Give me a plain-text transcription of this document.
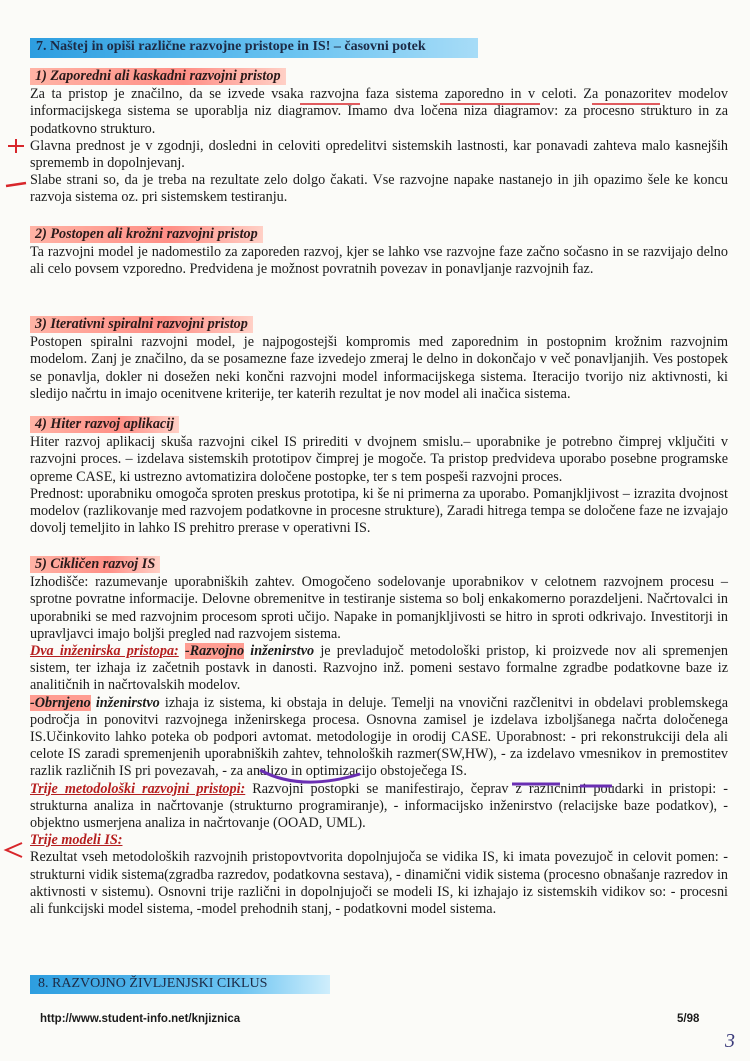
7. Naštej in opiši različne razvojne pristope in IS! – časovni potek
1) Zaporedni ali kaskadni razvojni pristop

Za ta pristop je značilno, da se izvede vsaka razvojna faza sistema zaporedno in v celoti. Za ponazoritev modelov informacijskega sistema se uporablja niz diagramov. Imamo dva ločena niza diagramov: za procesno strukturo in za podatkovno strukturo.

Glavna prednost je v zgodnji, dosledni in celoviti opredelitvi sistemskih lastnosti, kar ponavadi zahteva malo kasnejših sprememb in dopolnjevanj.

Slabe strani so, da je treba na rezultate zelo dolgo čakati. Vse razvojne napake nastanejo in jih opazimo šele ke koncu razvoja sistema oz. pri sistemskem testiranju.

2) Postopen ali krožni razvojni pristop

Ta razvojni model je nadomestilo za zaporeden razvoj, kjer se lahko vse razvojne faze začno sočasno in se razvijajo delno ali celo povsem vzporedno. Predvidena je možnost povratnih povezav in ponavljanje razvojnih faz.

3) Iterativni spiralni razvojni pristop

Postopen spiralni razvojni model, je najpogostejši kompromis med zaporednim in postopnim krožnim razvojnim modelom. Zanj je značilno, da se posamezne faze izvedejo zmeraj le delno in dokončajo v več ponavljanjih. Ves postopek se ponavlja, dokler ni dosežen neki končni razvojni model informacijskega sistema. Iteracijo tvorijo niz aktivnosti, ki sledijo načrtu in imajo ocenitvene kriterije, ter katerih rezultat je nov model ali inačica sistema.

4) Hiter razvoj aplikacij

Hiter razvoj aplikacij skuša razvojni cikel IS prirediti v dvojnem smislu.– uporabnike je potrebno čimprej vključiti v razvojni proces. – izdelava sistemskih prototipov čimprej je mogoče. Ta pristop predvideva uporabo posebne programske opreme CASE, ki ustrezno avtomatizira določene postopke, ter s tem pospeši razvojni proces.

Prednost: uporabniku omogoča sproten preskus prototipa, ki še ni primerna za uporabo. Pomanjkljivost – izrazita dvojnost modelov (razlikovanje med razvojem podatkovne in procesne strukture), Zaradi hitrega tempa se določene faze ne izvajajo dovolj temeljito in lahko IS prehitro prerase v operativni IS.

5) Cikličen razvoj IS

Izhodišče: razumevanje uporabniških zahtev. Omogočeno sodelovanje uporabnikov v celotnem razvojnem procesu – sprotne povratne informacije. Delovne obremenitve in testiranje sistema so bolj enkakomerno porazdeljeni. Načrtovalci in uporabniki se med razvojnim procesom sproti učijo. Napake in pomanjkljivosti se hitro in sproti odkrivajo. Investitorji in upravljavci imajo boljši pregled nad razvojem sistema.

Dva inženirska pristopa: -Razvojno inženirstvo je prevladujoč metodološki pristop, ki proizvede nov ali spremenjen sistem, ter izhaja iz začetnih postavk in danosti. Razvojno inž. pomeni sestavo formalne zgradbe podatkovne baze iz analitičnih in načrtovalskih modelov.

-Obrnjeno inženirstvo izhaja iz sistema, ki obstaja in deluje. Temelji na vnovični razčlenitvi in obdelavi problemskega področja in ponovitvi razvojnega inženirskega procesa. Osnovna zamisel je izdelava izboljšanega načrta določenega IS.Učinkovito lahko poteka ob podpori avtomat. metodologije in orodij CASE. Uporabnost: - pri rekonstrukciji dela ali celote IS zaradi spremenjenih uporabniških zahtev, tehnoloških razmer(SW,HW), - za izdelavo vmesnikov in premostitev razlik različnih IS pri povezavah, - za analizo in optimizacijo obstoječega IS.

Trije metodološki razvojni pristopi: Razvojni postopki se manifestirajo, čeprav z različnimi poudarki in pristopi: - strukturna analiza in načrtovanje (strukturno programiranje), - informacijsko inženirstvo (relacijske baze podatkov), - objektno usmerjena analiza in načrtovanje (OOAD, UML).

Trije modeli IS:

Rezultat vseh metodoloških razvojnih pristopovtvorita dopolnjujoča se vidika IS, ki imata povezujoč in celovit pomen: - strukturni vidik sistema(zgradba razredov, podatkovna sestava), - dinamični vidik sistema (procesno obnašanje razredov in aktivnosti v sistemu). Osnovni trije različni in dopolnjujoči se modeli IS, ki izhajajo iz sistemskih vidikov so: - procesni ali funkcijski model sistema, -model prehodnih stanj, - podatkovni model sistema.

8. RAZVOJNO ŽIVLJENJSKI CIKLUS
http://www.student-info.net/knjiznica	5/98
3
